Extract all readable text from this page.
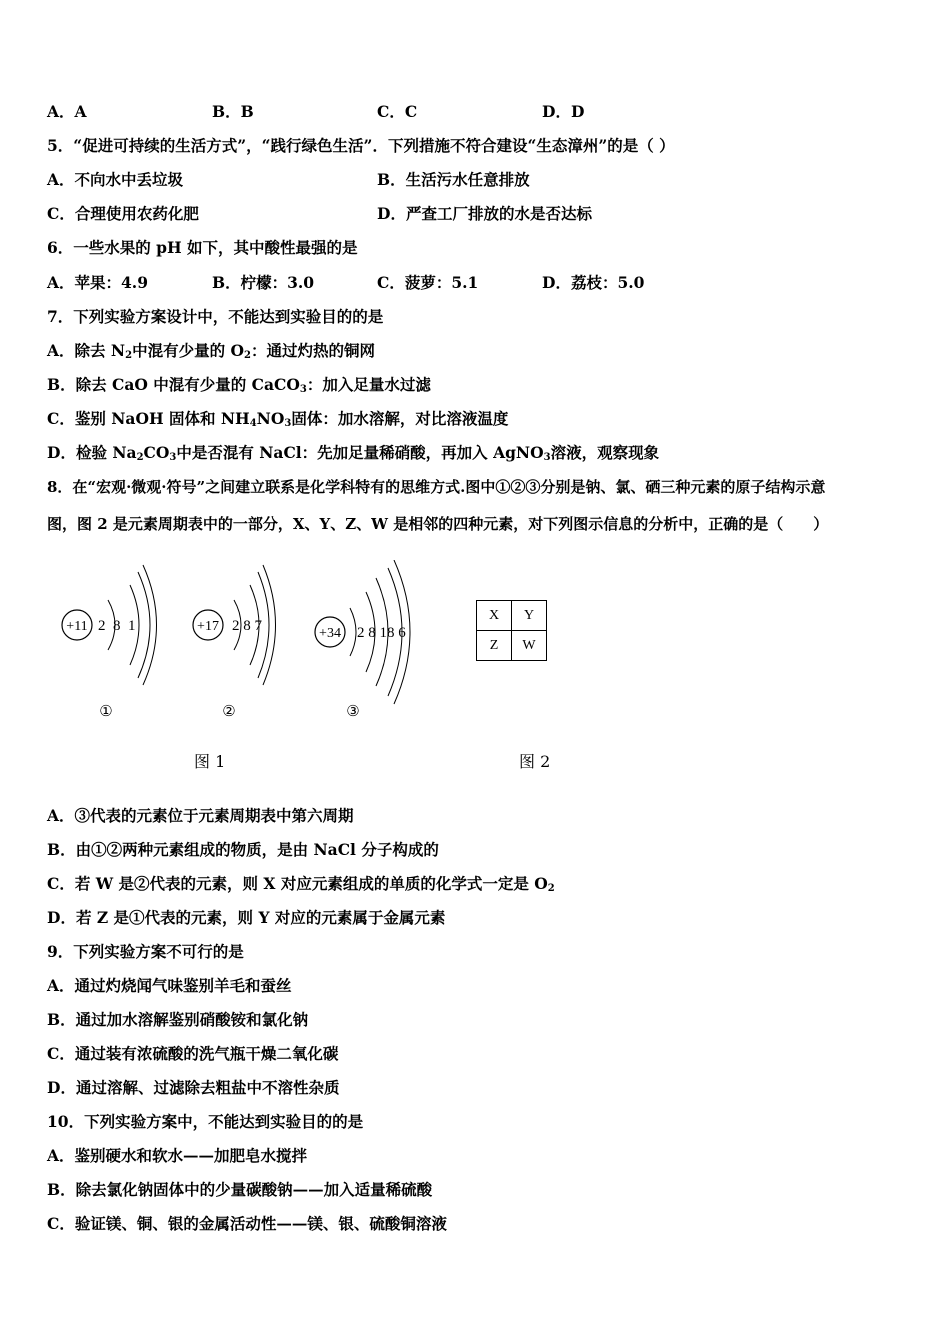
A．A	B．B	C．C	D．D
5．“促进可持续的生活方式”，“践行绿色生活”．下列措施不符合建设“生态漳州”的是（ ）
A．不向水中丢垃圾	B．生活污水任意排放
C．合理使用农药化肥	D．严查工厂排放的水是否达标
6．一些水果的 pH 如下，其中酸性最强的是
A．苹果：4.9	B．柠檬：3.0	C．菠萝：5.1	D．荔枝：5.0
7．下列实验方案设计中，不能达到实验目的的是
A．除去 $N_2$中混有少量的 $O_2$：通过灼热的铜网
B．除去 CaO 中混有少量的 CaCO$_3$：加入足量水过滤
C．鉴别 NaOH 固体和 $NH_4NO_3$固体：加水溶解，对比溶液温度
D．检验 $Na_2CO_3$中是否混有 NaCl：先加足量稀硝酸，再加入 AgNO$_3$溶液，观察现象
8．在“宏观·微观·符号”之间建立联系是化学科特有的思维方式.图中①②③分别是钠、氯、硒三种元素的原子结构示意
图，图 2 是元素周期表中的一部分，X、Y、Z、W 是相邻的四种元素，对下列图示信息的分析中，正确的是（　　）
+11 2  8  1
①
+17 2 8 7
②
+34 2 8 18 6
③
图 1
X	Y
Z	W
图 2
A．③代表的元素位于元素周期表中第六周期
B．由①②两种元素组成的物质，是由 NaCl 分子构成的
C．若 W 是②代表的元素，则 X 对应元素组成的单质的化学式一定是 $O_2$
D．若 Z 是①代表的元素，则 Y 对应的元素属于金属元素
9．下列实验方案不可行的是
A．通过灼烧闻气味鉴别羊毛和蚕丝
B．通过加水溶解鉴别硝酸铵和氯化钠
C．通过装有浓硫酸的洗气瓶干燥二氧化碳
D．通过溶解、过滤除去粗盐中不溶性杂质
10．下列实验方案中，不能达到实验目的的是
A．鉴别硬水和软水——加肥皂水搅拌
B．除去氯化钠固体中的少量碳酸钠——加入适量稀硫酸
C．验证镁、铜、银的金属活动性——镁、银、硫酸铜溶液
